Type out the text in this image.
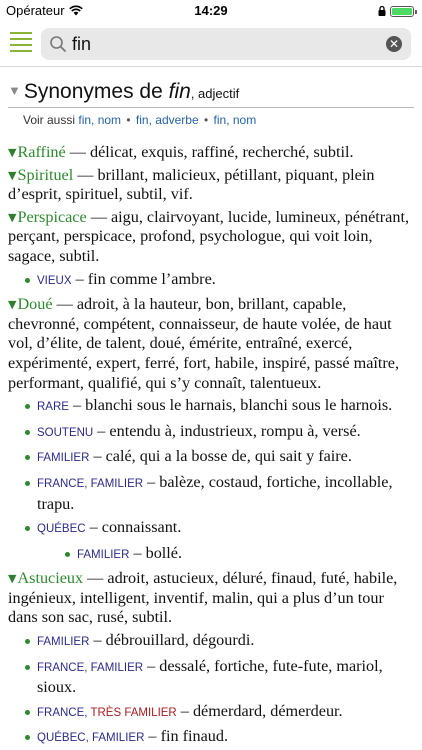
Opérateur	14:29
fin
✕
▼ Synonymes de fin, adjectif
Voir aussi fin, nom • fin, adverbe • fin, nom
▼Raffiné — délicat, exquis, raffiné, recherché, subtil.
▼Spirituel — brillant, malicieux, pétillant, piquant, plein d’esprit, spirituel, subtil, vif.
▼Perspicace — aigu, clairvoyant, lucide, lumineux, pénétrant, perçant, perspicace, profond, psychologue, qui voit loin, sagace, subtil.
VIEUX – fin comme l’ambre.
▼Doué — adroit, à la hauteur, bon, brillant, capable, chevronné, compétent, connaisseur, de haute volée, de haut vol, d’élite, de talent, doué, émérite, entraîné, exercé, expérimenté, expert, ferré, fort, habile, inspiré, passé maître, performant, qualifié, qui s’y connaît, talentueux.
RARE – blanchi sous le harnais, blanchi sous le harnois.
SOUTENU – entendu à, industrieux, rompu à, versé.
FAMILIER – calé, qui a la bosse de, qui sait y faire.
FRANCE, FAMILIER – balèze, costaud, fortiche, incollable, trapu.
QUÉBEC – connaissant.
FAMILIER – bollé.
▼Astucieux — adroit, astucieux, déluré, finaud, futé, habile, ingénieux, intelligent, inventif, malin, qui a plus d’un tour dans son sac, rusé, subtil.
FAMILIER – débrouillard, dégourdi.
FRANCE, FAMILIER – dessalé, fortiche, fute-fute, mariol, sioux.
FRANCE, TRÈS FAMILIER – démerdard, démerdeur.
QUÉBEC, FAMILIER – fin finaud.
